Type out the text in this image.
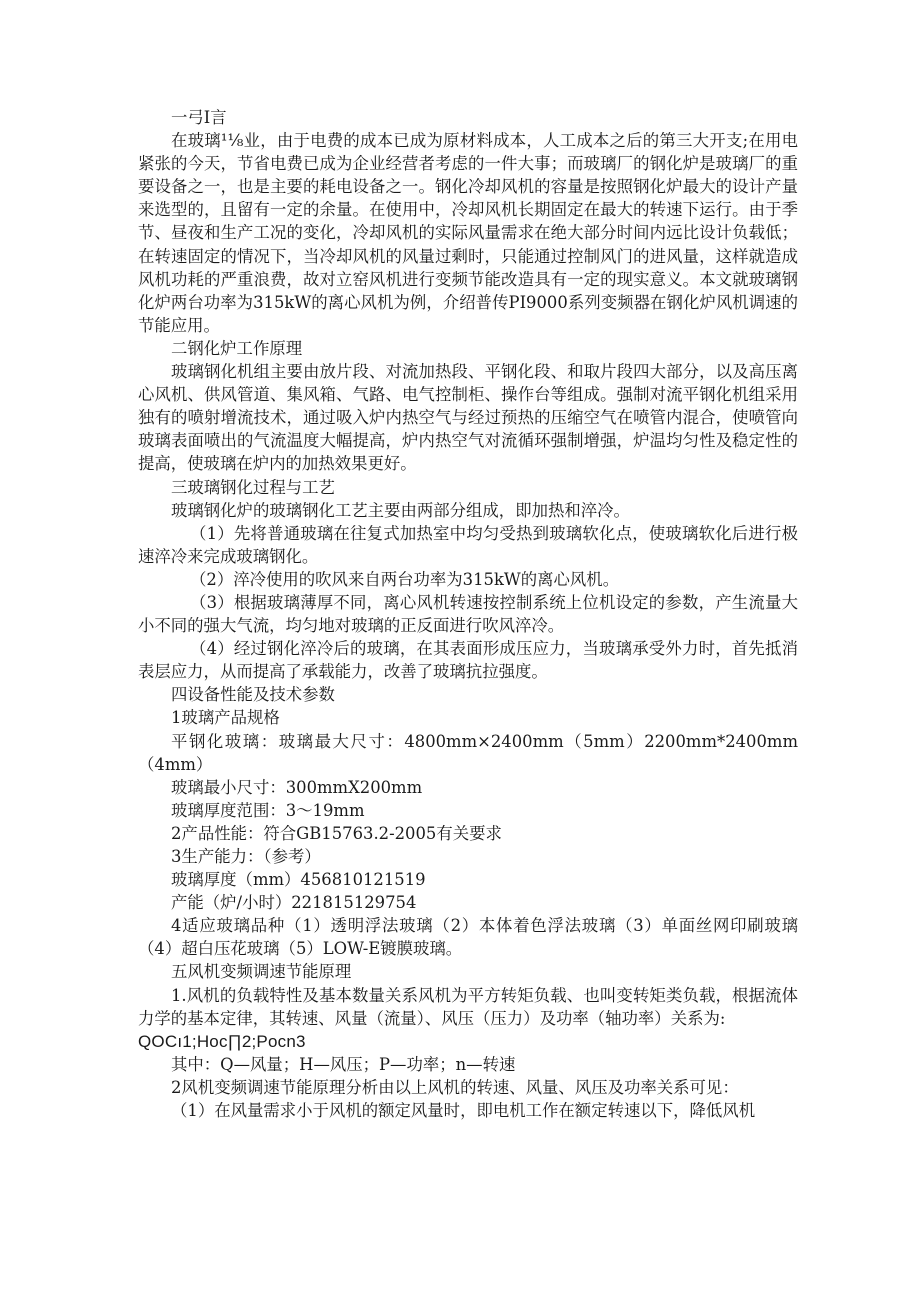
一弓I言

在玻璃¹⅛业，由于电费的成本已成为原材料成本，人工成本之后的第三大开支;在用电紧张的今天，节省电费已成为企业经营者考虑的一件大事；而玻璃厂的钢化炉是玻璃厂的重要设备之一，也是主要的耗电设备之一。钢化冷却风机的容量是按照钢化炉最大的设计产量来选型的，且留有一定的余量。在使用中，冷却风机长期固定在最大的转速下运行。由于季节、昼夜和生产工况的变化，冷却风机的实际风量需求在绝大部分时间内远比设计负载低；在转速固定的情况下，当冷却风机的风量过剩时，只能通过控制风门的进风量，这样就造成风机功耗的严重浪费，故对立窑风机进行变频节能改造具有一定的现实意义。本文就玻璃钢化炉两台功率为315kW的离心风机为例，介绍普传PI9000系列变频器在钢化炉风机调速的节能应用。

二钢化炉工作原理

玻璃钢化机组主要由放片段、对流加热段、平钢化段、和取片段四大部分，以及高压离心风机、供风管道、集风箱、气路、电气控制柜、操作台等组成。强制对流平钢化机组采用独有的喷射增流技术，通过吸入炉内热空气与经过预热的压缩空气在喷管内混合，使喷管向玻璃表面喷出的气流温度大幅提高，炉内热空气对流循环强制增强，炉温均匀性及稳定性的提高，使玻璃在炉内的加热效果更好。

三玻璃钢化过程与工艺

玻璃钢化炉的玻璃钢化工艺主要由两部分组成，即加热和淬冷。

（1）先将普通玻璃在往复式加热室中均匀受热到玻璃软化点，使玻璃软化后进行极速淬冷来完成玻璃钢化。

（2）淬冷使用的吹风来自两台功率为315kW的离心风机。

（3）根据玻璃薄厚不同，离心风机转速按控制系统上位机设定的参数，产生流量大小不同的强大气流，均匀地对玻璃的正反面进行吹风淬冷。

（4）经过钢化淬冷后的玻璃，在其表面形成压应力，当玻璃承受外力时，首先抵消表层应力，从而提高了承载能力，改善了玻璃抗拉强度。

四设备性能及技术参数

1玻璃产品规格

平钢化玻璃：玻璃最大尺寸：4800mm×2400mm（5mm）2200mm*2400mm（4mm）

玻璃最小尺寸：300mmX200mm

玻璃厚度范围：3～19mm

2产品性能：符合GB15763.2-2005有关要求

3生产能力：（参考）

玻璃厚度（mm）456810121519

产能（炉/小时）221815129754

4适应玻璃品种（1）透明浮法玻璃（2）本体着色浮法玻璃（3）单面丝网印刷玻璃（4）超白压花玻璃（5）LOW-E镀膜玻璃。

五风机变频调速节能原理

1.风机的负载特性及基本数量关系风机为平方转矩负载、也叫变转矩类负载，根据流体力学的基本定律，其转速、风量（流量）、风压（压力）及功率（轴功率）关系为:

QOCı1;Hoc∏2;Pocn3

其中：Q—风量；H—风压；P—功率；n—转速

2风机变频调速节能原理分析由以上风机的转速、风量、风压及功率关系可见：

（1）在风量需求小于风机的额定风量时，即电机工作在额定转速以下，降低风机
